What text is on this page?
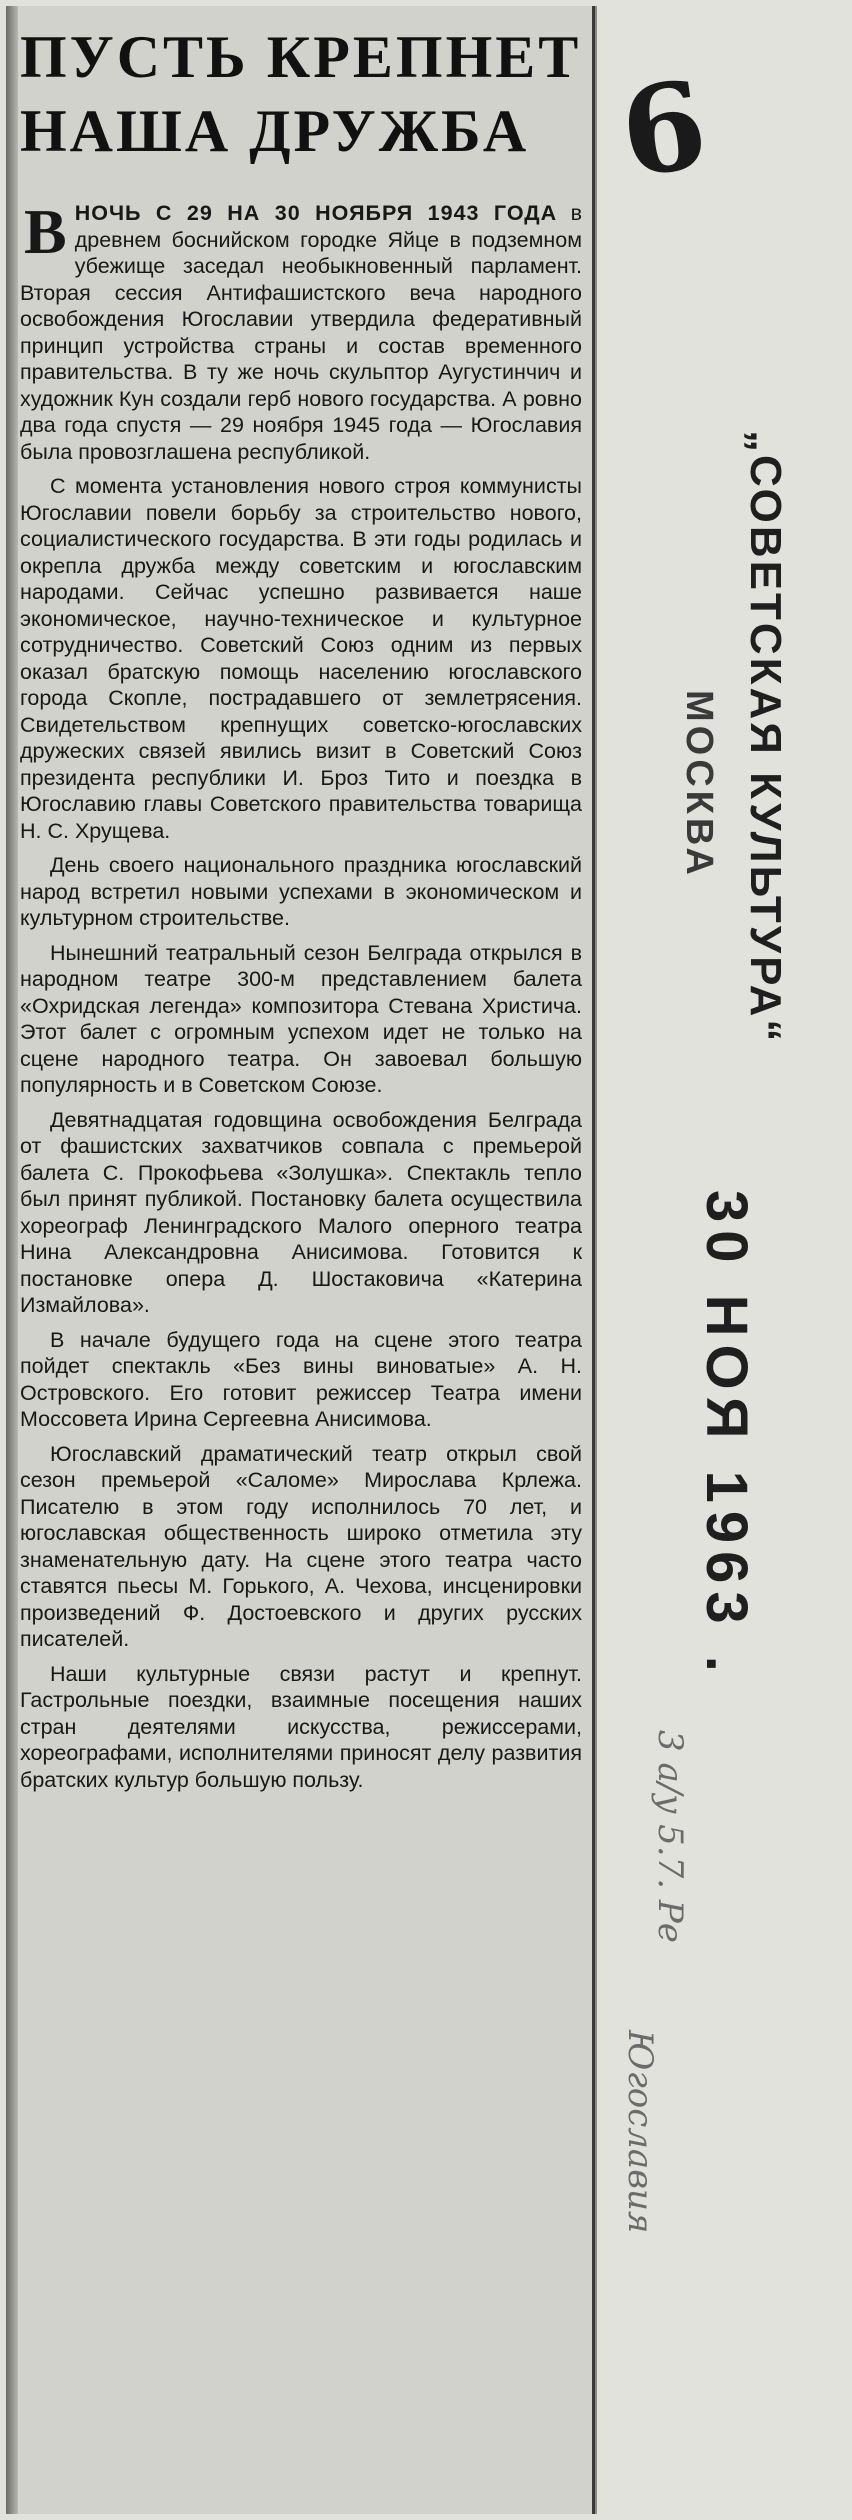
ПУСТЬ КРЕПНЕТ
НАША ДРУЖБА

ВНОЧЬ С 29 НА 30 НОЯБРЯ 1943 ГОДА в древнем боснийском городке Яйце в подземном убежище заседал необыкновенный парламент. Вторая сессия Антифашистского веча народного освобождения Югославии утвердила федеративный принцип устройства страны и состав временного правительства. В ту же ночь скульптор Аугустинчич и художник Кун создали герб нового государства. А ровно два года спустя — 29 ноября 1945 года — Югославия была провозглашена республикой.

С момента установления нового строя коммунисты Югославии повели борьбу за строительство нового, социалистического государства. В эти годы родилась и окрепла дружба между советским и югославским народами. Сейчас успешно развивается наше экономическое, научно-техническое и культурное сотрудничество. Советский Союз одним из первых оказал братскую помощь населению югославского города Скопле, пострадавшего от землетрясения. Свидетельством крепнущих советско-югославских дружеских связей явились визит в Советский Союз президента республики И. Броз Тито и поездка в Югославию главы Советского правительства товарища Н. С. Хрущева.

День своего национального праздника югославский народ встретил новыми успехами в экономическом и культурном строительстве.

Нынешний театральный сезон Белграда открылся в народном театре 300-м представлением балета «Охридская легенда» композитора Стевана Христича. Этот балет с огромным успехом идет не только на сцене народного театра. Он завоевал большую популярность и в Советском Союзе.

Девятнадцатая годовщина освобождения Белграда от фашистских захватчиков совпала с премьерой балета С. Прокофьева «Золушка». Спектакль тепло был принят публикой. Постановку балета осуществила хореограф Ленинградского Малого оперного театра Нина Александровна Анисимова. Готовится к постановке опера Д. Шостаковича «Катерина Измайлова».

В начале будущего года на сцене этого театра пойдет спектакль «Без вины виноватые» А. Н. Островского. Его готовит режиссер Театра имени Моссовета Ирина Сергеевна Анисимова.

Югославский драматический театр открыл свой сезон премьерой «Саломе» Мирослава Крлежа. Писателю в этом году исполнилось 70 лет, и югославская общественность широко отметила эту знаменательную дату. На сцене этого театра часто ставятся пьесы М. Горького, А. Чехова, инсценировки произведений Ф. Достоевского и других русских писателей.

Наши культурные связи растут и крепнут. Гастрольные поездки, взаимные посещения наших стран деятелями искусства, режиссерами, хореографами, исполнителями приносят делу развития братских культур большую пользу.

6
„СОВЕТСКАЯ КУЛЬТУРА“
МОСКВА
30 НОЯ 1963 .
3 a/y 5.7. Ре
Югославия
